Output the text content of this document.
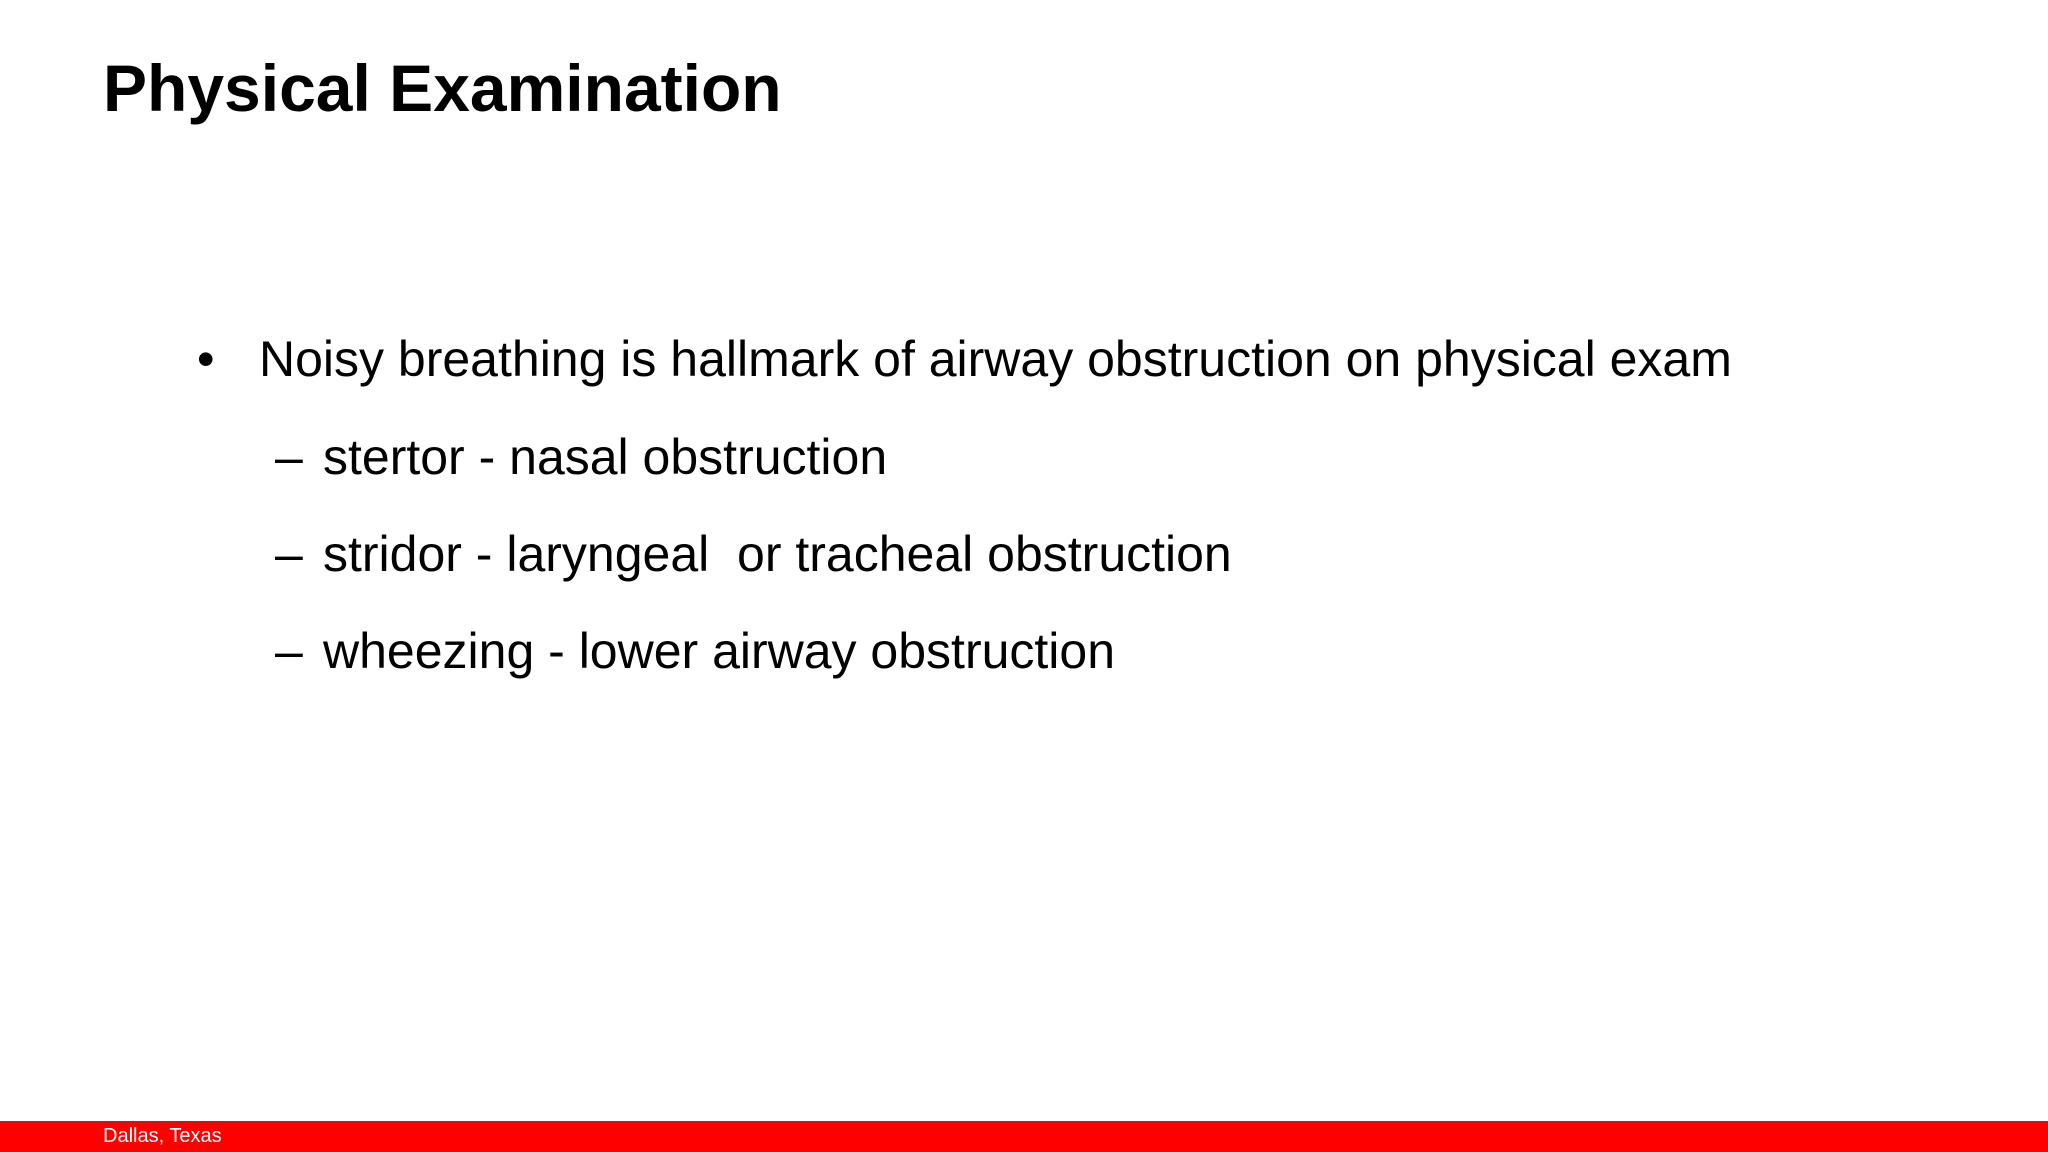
Physical Examination
• Noisy breathing is hallmark of airway obstruction on physical exam
– stertor - nasal obstruction
– stridor - laryngeal  or tracheal obstruction
– wheezing - lower airway obstruction
Dallas, Texas
